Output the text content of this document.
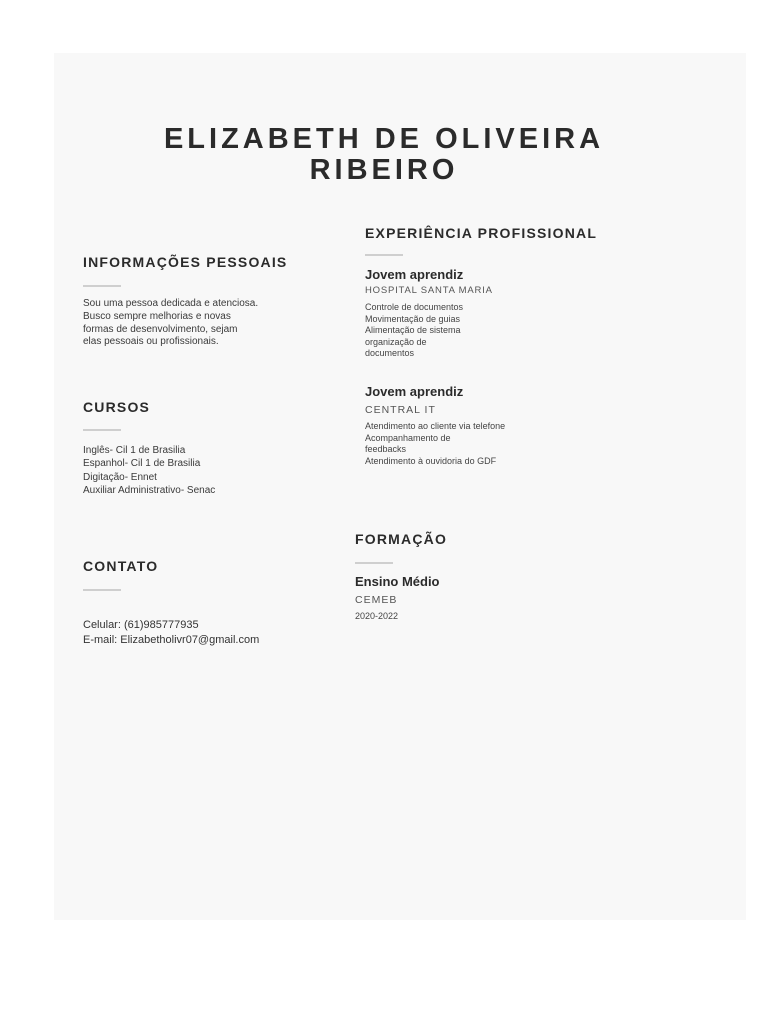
ELIZABETH DE OLIVEIRA
RIBEIRO
INFORMAÇÕES PESSOAIS
Sou uma pessoa dedicada e atenciosa.
Busco sempre melhorias e novas
formas de desenvolvimento, sejam
elas pessoais ou profissionais.
CURSOS
Inglês- Cil 1 de Brasilia
Espanhol- Cil 1 de Brasilia
Digitação- Ennet
Auxiliar Administrativo- Senac
CONTATO
Celular: (61)985777935
E-mail: Elizabetholivr07@gmail.com
EXPERIÊNCIA PROFISSIONAL
Jovem aprendiz
HOSPITAL SANTA MARIA
Controle de documentos
Movimentação de guias
Alimentação de sistema
organização de
documentos
Jovem aprendiz
CENTRAL IT
Atendimento ao cliente via telefone
Acompanhamento de
feedbacks
Atendimento à ouvidoria do GDF
FORMAÇÃO
Ensino Médio
CEMEB
2020-2022
